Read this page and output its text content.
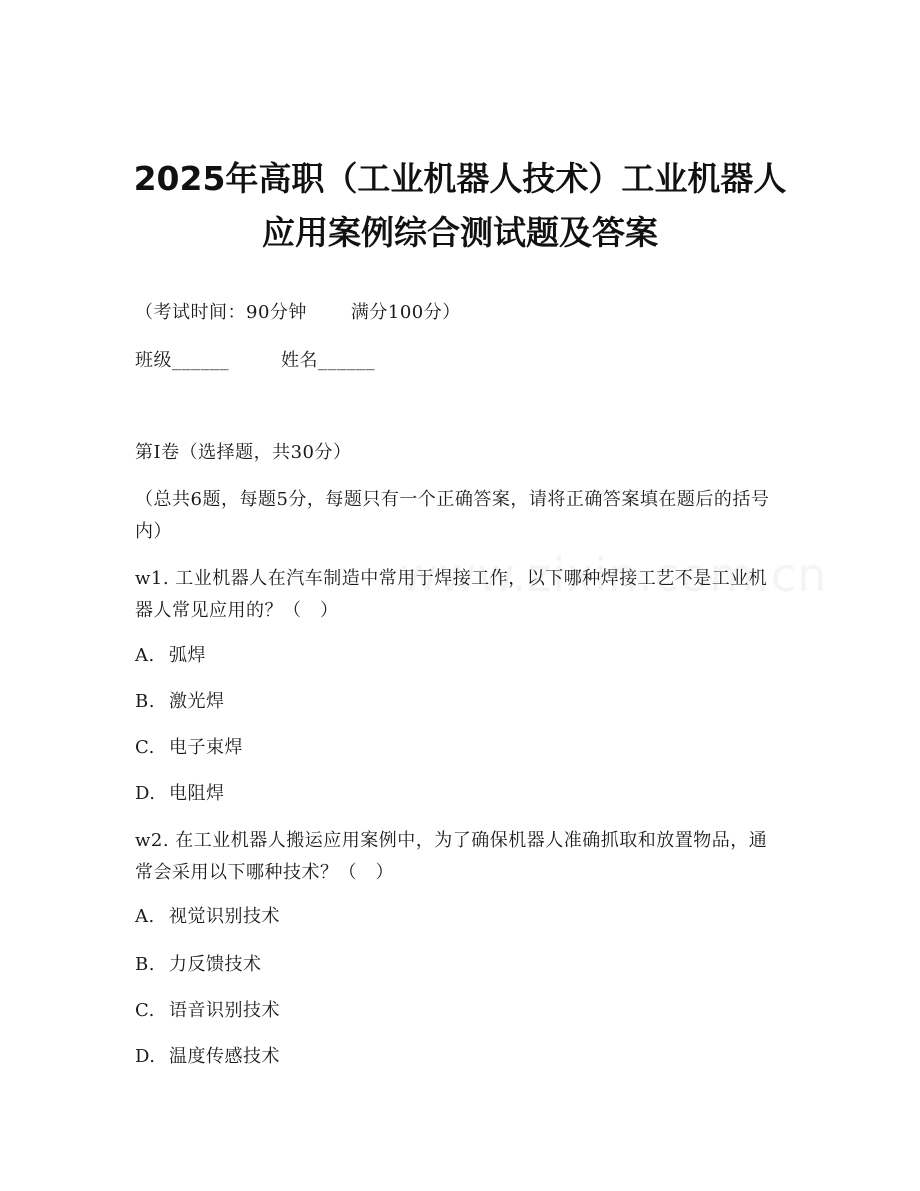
2025年高职（工业机器人技术）工业机器人
应用案例综合测试题及答案
（考试时间：90分钟 满分100分）
班级______	姓名______
第I卷（选择题，共30分）
（总共6题，每题5分，每题只有一个正确答案，请将正确答案填在题后的括号内）
w1. 工业机器人在汽车制造中常用于焊接工作，以下哪种焊接工艺不是工业机器人常见应用的？（　）
A. 弧焊
B. 激光焊
C. 电子束焊
D. 电阻焊
w2. 在工业机器人搬运应用案例中，为了确保机器人准确抓取和放置物品，通常会采用以下哪种技术？（　）
A. 视觉识别技术
B. 力反馈技术
C. 语音识别技术
D. 温度传感技术
